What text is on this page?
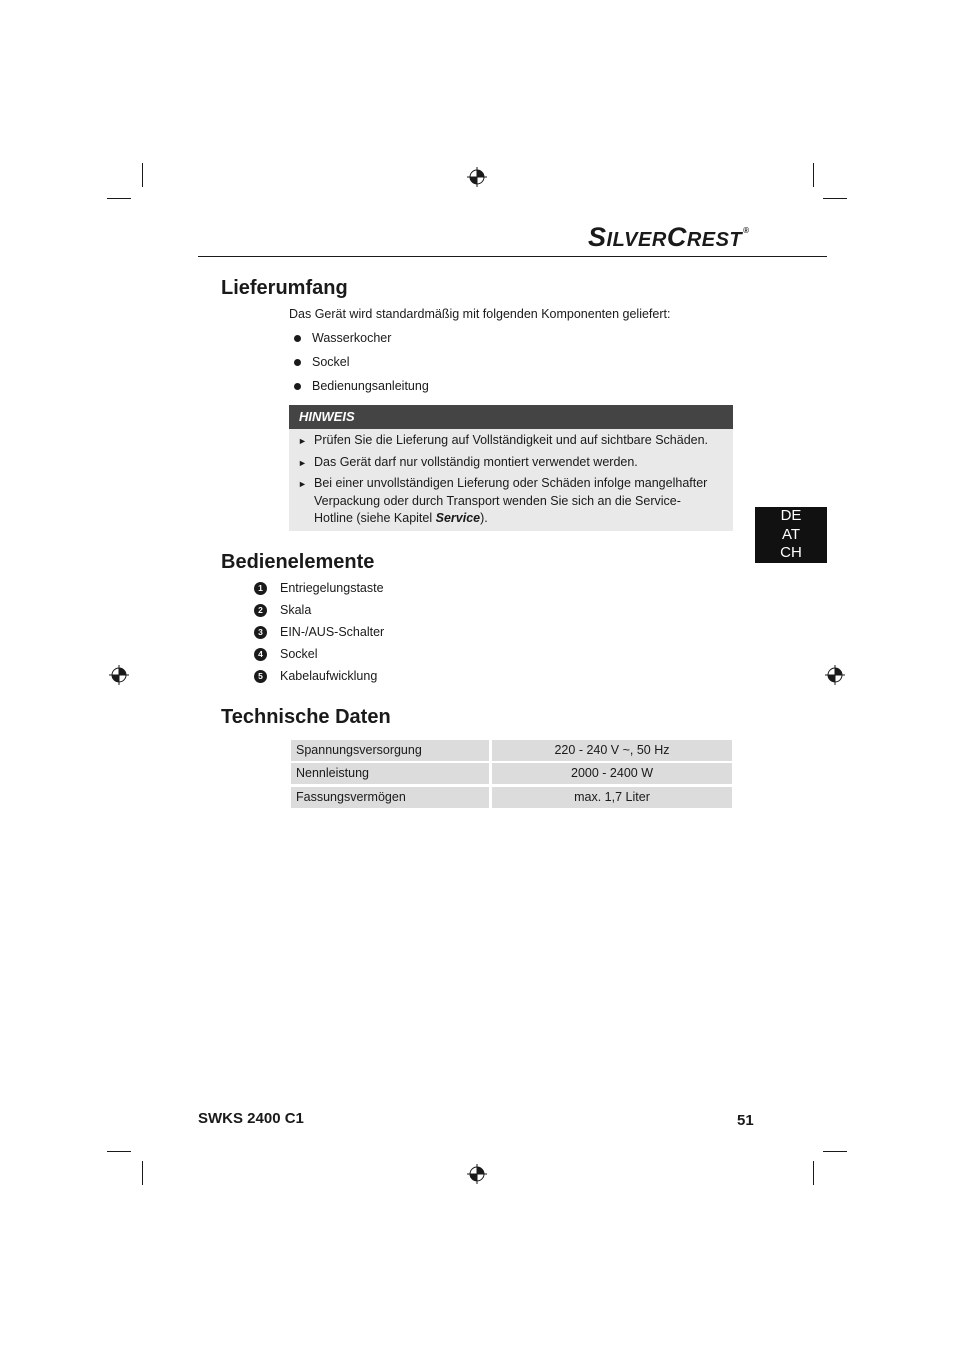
SILVERCREST®
Lieferumfang
Das Gerät wird standardmäßig mit folgenden Komponenten geliefert:
Wasserkocher
Sockel
Bedienungsanleitung
HINWEIS
► Prüfen Sie die Lieferung auf Vollständigkeit und auf sichtbare Schäden.
► Das Gerät darf nur vollständig montiert verwendet werden.
► Bei einer unvollständigen Lieferung oder Schäden infolge mangelhafter Verpackung oder durch Transport wenden Sie sich an die Service-Hotline (siehe Kapitel Service).	DE
AT
CH
Bedienelemente
1	Entriegelungstaste
2	Skala
3	EIN-/AUS-Schalter
4	Sockel
5	Kabelaufwicklung
Technische Daten
Spannungsversorgung	220 - 240 V ~, 50 Hz
Nennleistung	2000 - 2400 W
Fassungsvermögen	max. 1,7 Liter
SWKS 2400 C1	51
